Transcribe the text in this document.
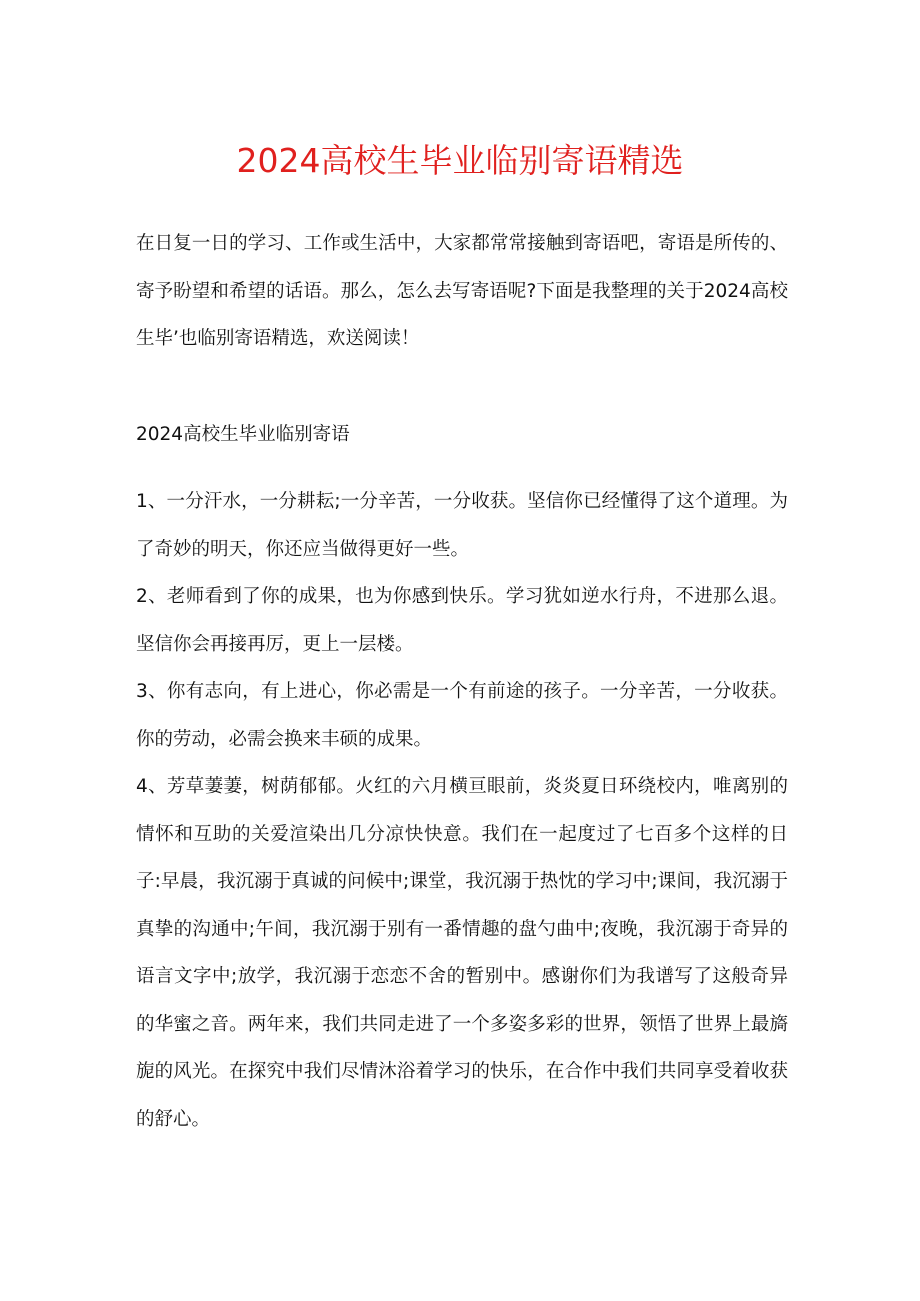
2024高校生毕业临别寄语精选

在日复一日的学习、工作或生活中，大家都常常接触到寄语吧，寄语是所传的、寄予盼望和希望的话语。那么，怎么去写寄语呢?下面是我整理的关于2024高校生毕’也临别寄语精选，欢送阅读！

2024高校生毕业临别寄语

1、一分汗水，一分耕耘;一分辛苦，一分收获。坚信你已经懂得了这个道理。为了奇妙的明天，你还应当做得更好一些。

2、老师看到了你的成果，也为你感到快乐。学习犹如逆水行舟，不进那么退。坚信你会再接再厉，更上一层楼。

3、你有志向，有上进心，你必需是一个有前途的孩子。一分辛苦，一分收获。你的劳动，必需会换来丰硕的成果。

4、芳草萋萋，树荫郁郁。火红的六月横亘眼前，炎炎夏日环绕校内，唯离别的情怀和互助的关爱渲染出几分凉快快意。我们在一起度过了七百多个这样的日子:早晨，我沉溺于真诚的问候中;课堂，我沉溺于热忱的学习中;课间，我沉溺于真挚的沟通中;午间，我沉溺于别有一番情趣的盘勺曲中;夜晚，我沉溺于奇异的语言文字中;放学，我沉溺于恋恋不舍的暂别中。感谢你们为我谱写了这般奇异的华蜜之音。两年来，我们共同走进了一个多姿多彩的世界，领悟了世界上最旖旎的风光。在探究中我们尽情沐浴着学习的快乐，在合作中我们共同享受着收获的舒心。
